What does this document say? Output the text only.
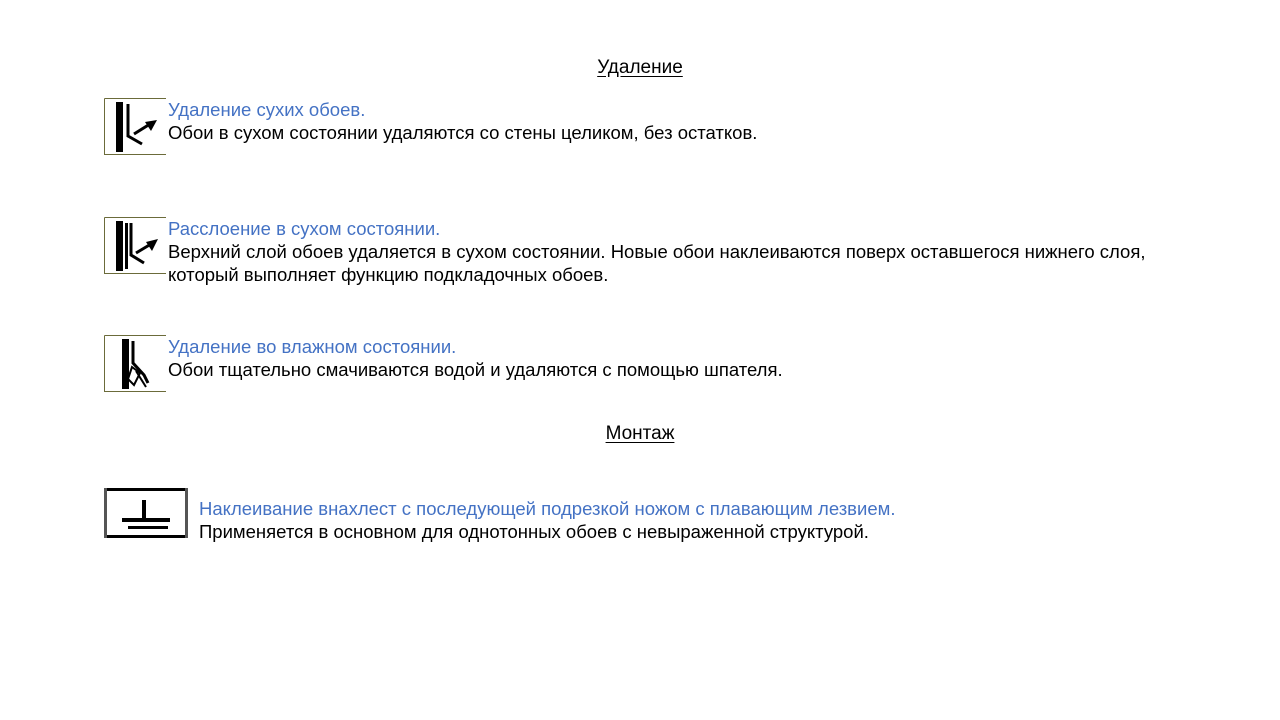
Удаление
Удаление сухих обоев.
Обои в сухом состоянии удаляются со стены целиком, без остатков.
Расслоение в сухом состоянии.
Верхний слой обоев удаляется в сухом состоянии. Новые обои наклеиваются поверх оставшегося нижнего слоя, который выполняет функцию подкладочных обоев.
Удаление во влажном состоянии.
Обои тщательно смачиваются водой и удаляются с помощью шпателя.
Монтаж
Наклеивание внахлест с последующей подрезкой ножом с плавающим лезвием.
Применяется в основном для однотонных обоев с невыраженной структурой.
